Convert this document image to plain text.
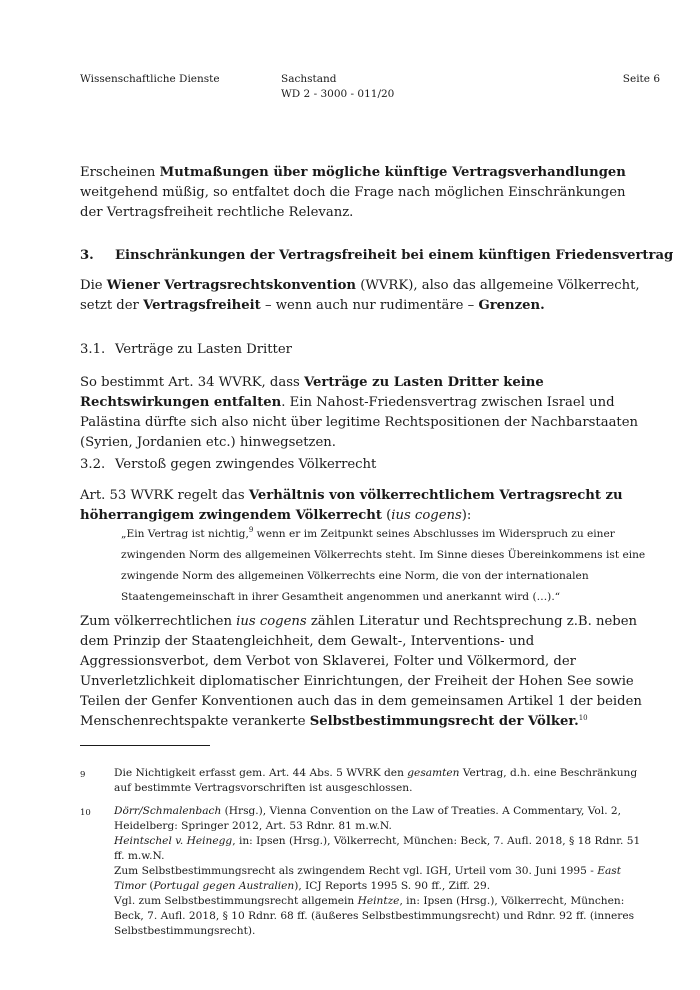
Wissenschaftliche Dienste	Sachstand
WD 2 - 3000 - 011/20
Seite 6
Erscheinen Mutmaßungen über mögliche künftige Vertragsverhandlungen weitgehend müßig, so entfaltet doch die Frage nach möglichen Einschränkungen der Vertragsfreiheit rechtliche Relevanz.
3. Einschränkungen der Vertragsfreiheit bei einem künftigen Friedensvertrag
Die Wiener Vertragsrechtskonvention (WVRK), also das allgemeine Völkerrecht, setzt der Vertragsfreiheit – wenn auch nur rudimentäre – Grenzen.
3.1. Verträge zu Lasten Dritter
So bestimmt Art. 34 WVRK, dass Verträge zu Lasten Dritter keine Rechtswirkungen entfalten. Ein Nahost-Friedensvertrag zwischen Israel und Palästina dürfte sich also nicht über legitime Rechtspositionen der Nachbarstaaten (Syrien, Jordanien etc.) hinwegsetzen.
3.2. Verstoß gegen zwingendes Völkerrecht
Art. 53 WVRK regelt das Verhältnis von völkerrechtlichem Vertragsrecht zu höherrangigem zwingendem Völkerrecht (ius cogens):
„Ein Vertrag ist nichtig,$^9$ wenn er im Zeitpunkt seines Abschlusses im Widerspruch zu einer zwingenden Norm des allgemeinen Völkerrechts steht. Im Sinne dieses Übereinkommens ist eine zwingende Norm des allgemeinen Völkerrechts eine Norm, die von der internationalen Staatengemeinschaft in ihrer Gesamtheit angenommen und anerkannt wird (…).“
Zum völkerrechtlichen ius cogens zählen Literatur und Rechtsprechung z.B. neben dem Prinzip der Staatengleichheit, dem Gewalt-, Interventions- und Aggressionsverbot, dem Verbot von Sklaverei, Folter und Völkermord, der Unverletzlichkeit diplomatischer Einrichtungen, der Freiheit der Hohen See sowie Teilen der Genfer Konventionen auch das in dem gemeinsamen Artikel 1 der beiden Menschenrechtspakte verankerte Selbstbestimmungsrecht der Völker.$^{10}$
9	Die Nichtigkeit erfasst gem. Art. 44 Abs. 5 WVRK den gesamten Vertrag, d.h. eine Beschränkung auf bestimmte Vertragsvorschriften ist ausgeschlossen.
10 Dörr/Schmalenbach (Hrsg.), Vienna Convention on the Law of Treaties. A Commentary, Vol. 2, Heidelberg: Springer 2012, Art. 53 Rdnr. 81 m.w.N.
Heintschel v. Heinegg, in: Ipsen (Hrsg.), Völkerrecht, München: Beck, 7. Aufl. 2018, § 18 Rdnr. 51 ff. m.w.N.
Zum Selbstbestimmungsrecht als zwingendem Recht vgl. IGH, Urteil vom 30. Juni 1995 - East Timor (Portugal gegen Australien), ICJ Reports 1995 S. 90 ff., Ziff. 29.
Vgl. zum Selbstbestimmungsrecht allgemein Heintze, in: Ipsen (Hrsg.), Völkerrecht, München: Beck, 7. Aufl. 2018, § 10 Rdnr. 68 ff. (äußeres Selbstbestimmungsrecht) und Rdnr. 92 ff. (inneres Selbstbestimmungsrecht).
